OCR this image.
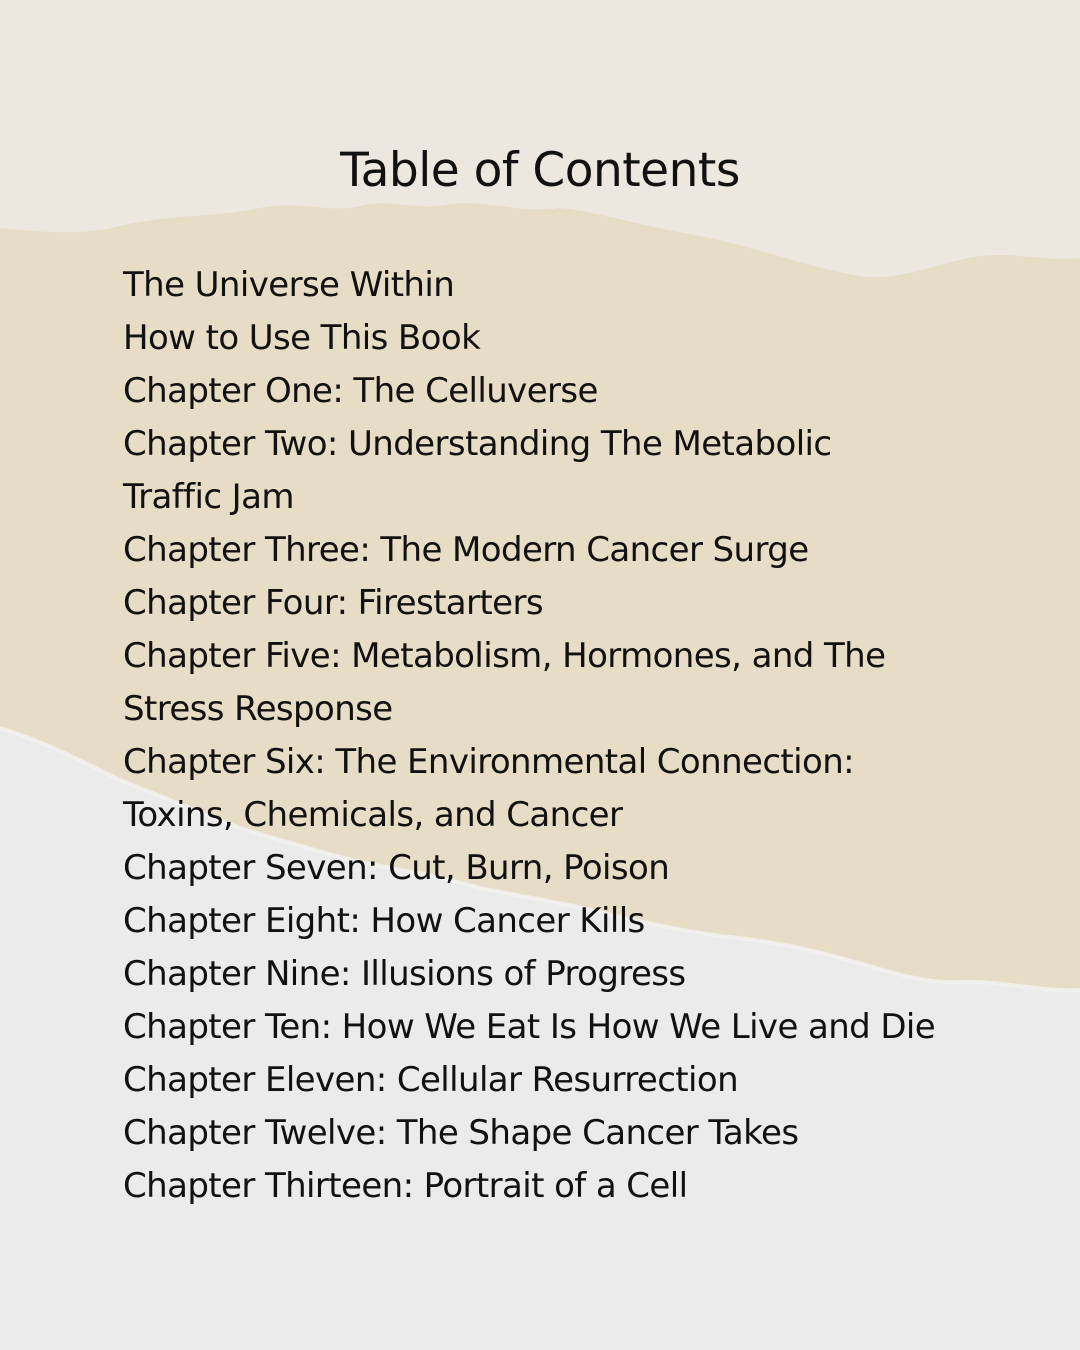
Table of Contents
The Universe Within
How to Use This Book
Chapter One: The Celluverse
Chapter Two: Understanding The Metabolic
Traffic Jam
Chapter Three: The Modern Cancer Surge
Chapter Four: Firestarters
Chapter Five: Metabolism, Hormones, and The
Stress Response
Chapter Six: The Environmental Connection:
Toxins, Chemicals, and Cancer
Chapter Seven: Cut, Burn, Poison
Chapter Eight: How Cancer Kills
Chapter Nine: Illusions of Progress
Chapter Ten: How We Eat Is How We Live and Die
Chapter Eleven: Cellular Resurrection
Chapter Twelve: The Shape Cancer Takes
Chapter Thirteen: Portrait of a Cell
